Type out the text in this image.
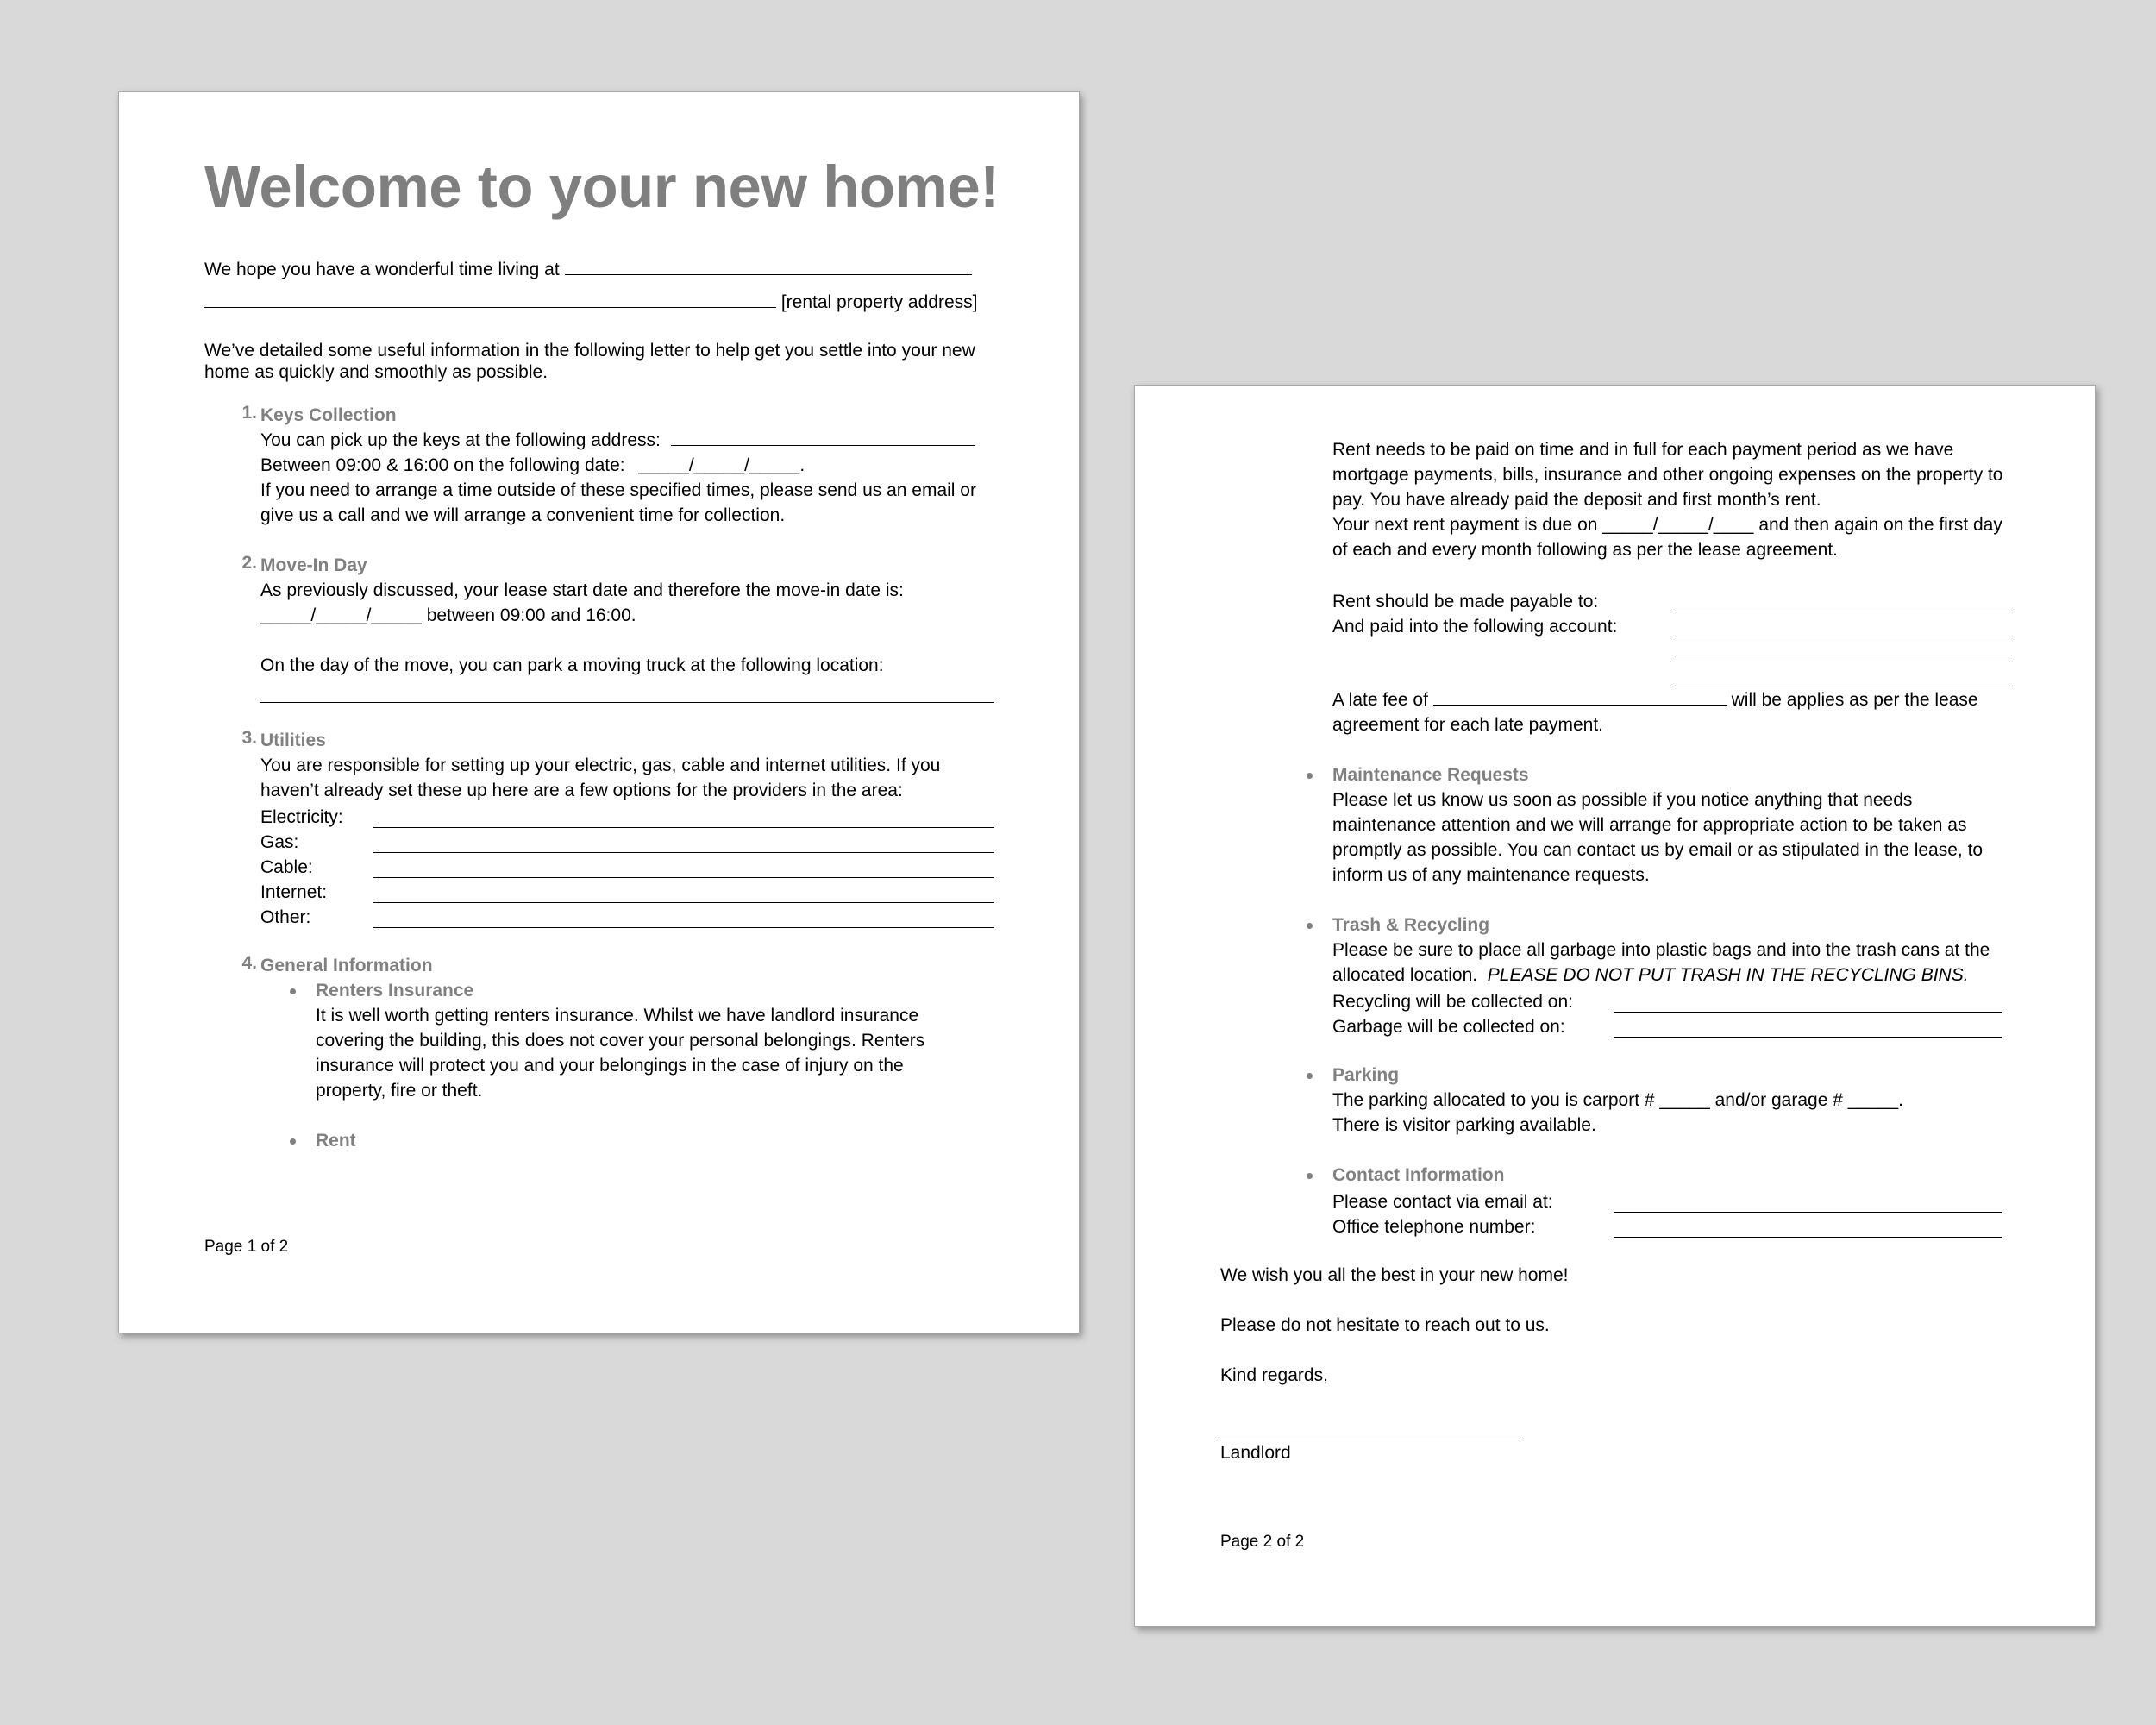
Welcome to your new home!
We hope you have a wonderful time living at
[rental property address]
We’ve detailed some useful information in the following letter to help get you settle into your new home as quickly and smoothly as possible.
1. Keys Collection
You can pick up the keys at the following address:
Between 09:00 & 16:00 on the following date: _____/_____/_____.
If you need to arrange a time outside of these specified times, please send us an email or give us a call and we will arrange a convenient time for collection.
2. Move-In Day
As previously discussed, your lease start date and therefore the move-in date is:
_____/_____/_____ between 09:00 and 16:00.
On the day of the move, you can park a moving truck at the following location:
3. Utilities
You are responsible for setting up your electric, gas, cable and internet utilities. If you haven’t already set these up here are a few options for the providers in the area:
Electricity:
Gas:
Cable:
Internet:
Other:
4. General Information
Renters Insurance
It is well worth getting renters insurance. Whilst we have landlord insurance covering the building, this does not cover your personal belongings. Renters insurance will protect you and your belongings in the case of injury on the property, fire or theft.
Rent
Page 1 of 2
Rent needs to be paid on time and in full for each payment period as we have mortgage payments, bills, insurance and other ongoing expenses on the property to pay. You have already paid the deposit and first month’s rent.
Your next rent payment is due on _____/_____/____ and then again on the first day of each and every month following as per the lease agreement.
Rent should be made payable to:
And paid into the following account:
A late fee of	will be applies as per the lease agreement for each late payment.
Maintenance Requests
Please let us know us soon as possible if you notice anything that needs maintenance attention and we will arrange for appropriate action to be taken as promptly as possible. You can contact us by email or as stipulated in the lease, to inform us of any maintenance requests.
Trash & Recycling
Please be sure to place all garbage into plastic bags and into the trash cans at the allocated location. PLEASE DO NOT PUT TRASH IN THE RECYCLING BINS.
Recycling will be collected on:
Garbage will be collected on:
Parking
The parking allocated to you is carport # _____ and/or garage # _____.
There is visitor parking available.
Contact Information
Please contact via email at:
Office telephone number:
We wish you all the best in your new home!
Please do not hesitate to reach out to us.
Kind regards,
Landlord
Page 2 of 2
